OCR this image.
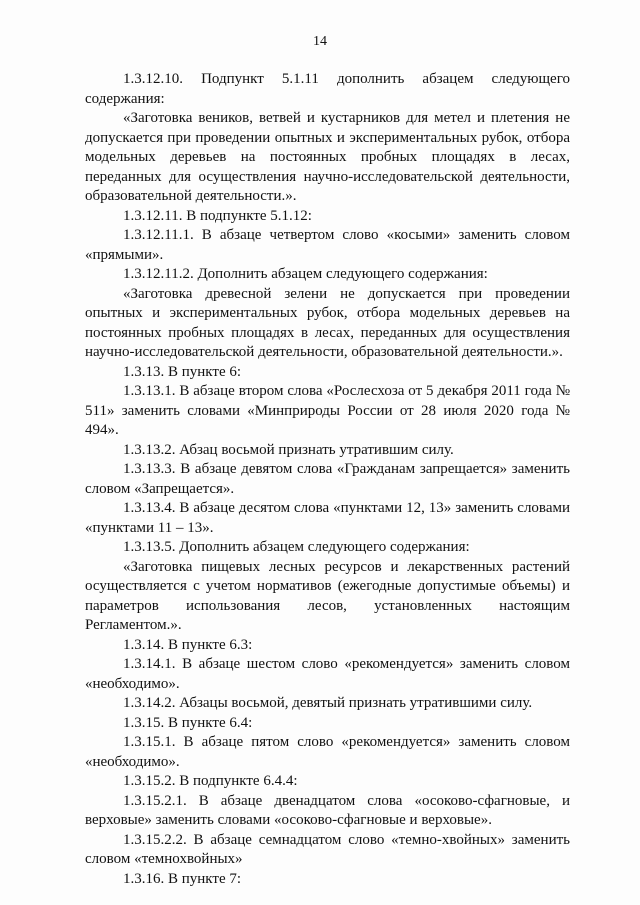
14

1.3.12.10. Подпункт 5.1.11 дополнить абзацем следующего содержания:

«Заготовка веников, ветвей и кустарников для метел и плетения не допускается при проведении опытных и экспериментальных рубок, отбора модельных деревьев на постоянных пробных площадях в лесах, переданных для осуществления научно-исследовательской деятельности, образовательной деятельности.».

1.3.12.11. В подпункте 5.1.12:

1.3.12.11.1. В абзаце четвертом слово «косыми» заменить словом «прямыми».

1.3.12.11.2. Дополнить абзацем следующего содержания:

«Заготовка древесной зелени не допускается при проведении опытных и экспериментальных рубок, отбора модельных деревьев на постоянных пробных площадях в лесах, переданных для осуществления научно-исследовательской деятельности, образовательной деятельности.».

1.3.13. В пункте 6:

1.3.13.1. В абзаце втором слова «Рослесхоза от 5 декабря 2011 года № 511» заменить словами «Минприроды России от 28 июля 2020 года № 494».

1.3.13.2. Абзац восьмой признать утратившим силу.

1.3.13.3. В абзаце девятом слова «Гражданам запрещается» заменить словом «Запрещается».

1.3.13.4. В абзаце десятом слова «пунктами 12, 13» заменить словами «пунктами 11 – 13».

1.3.13.5. Дополнить абзацем следующего содержания:

«Заготовка пищевых лесных ресурсов и лекарственных растений осуществляется с учетом нормативов (ежегодные допустимые объемы) и параметров использования лесов, установленных настоящим Регламентом.».

1.3.14. В пункте 6.3:

1.3.14.1. В абзаце шестом слово «рекомендуется» заменить словом «необходимо».

1.3.14.2. Абзацы восьмой, девятый признать утратившими силу.

1.3.15. В пункте 6.4:

1.3.15.1. В абзаце пятом слово «рекомендуется» заменить словом «необходимо».

1.3.15.2. В подпункте 6.4.4:

1.3.15.2.1. В абзаце двенадцатом слова «осоково-сфагновые, и верховые» заменить словами «осоково-сфагновые и верховые».

1.3.15.2.2. В абзаце семнадцатом слово «темно-хвойных» заменить словом «темнохвойных»

1.3.16. В пункте 7:
